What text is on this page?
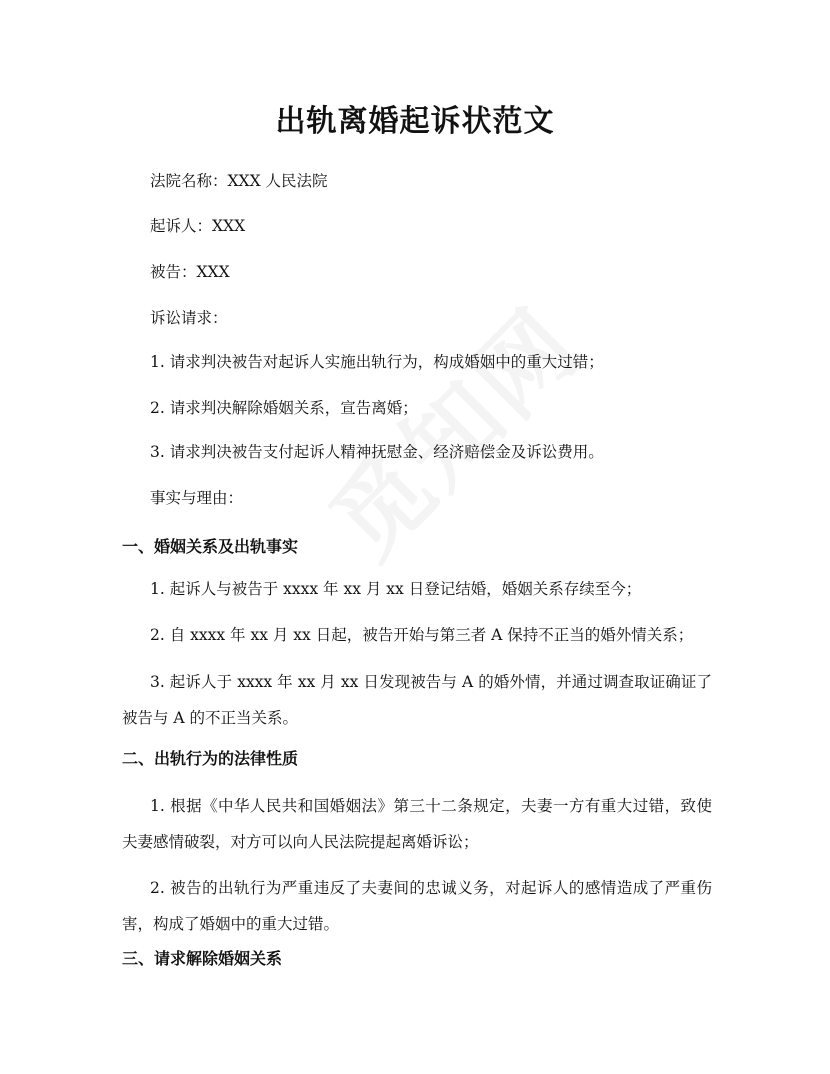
出轨离婚起诉状范文
法院名称：XXX 人民法院
起诉人：XXX
被告：XXX
诉讼请求：
1. 请求判决被告对起诉人实施出轨行为，构成婚姻中的重大过错；
2. 请求判决解除婚姻关系，宣告离婚；
3. 请求判决被告支付起诉人精神抚慰金、经济赔偿金及诉讼费用。
事实与理由：
一、婚姻关系及出轨事实
1. 起诉人与被告于 xxxx 年 xx 月 xx 日登记结婚，婚姻关系存续至今；
2. 自 xxxx 年 xx 月 xx 日起，被告开始与第三者 A 保持不正当的婚外情关系；
3. 起诉人于 xxxx 年 xx 月 xx 日发现被告与 A 的婚外情，并通过调查取证确证了被告与 A 的不正当关系。
二、出轨行为的法律性质
1. 根据《中华人民共和国婚姻法》第三十二条规定，夫妻一方有重大过错，致使夫妻感情破裂，对方可以向人民法院提起离婚诉讼；
2. 被告的出轨行为严重违反了夫妻间的忠诚义务，对起诉人的感情造成了严重伤害，构成了婚姻中的重大过错。
三、请求解除婚姻关系
